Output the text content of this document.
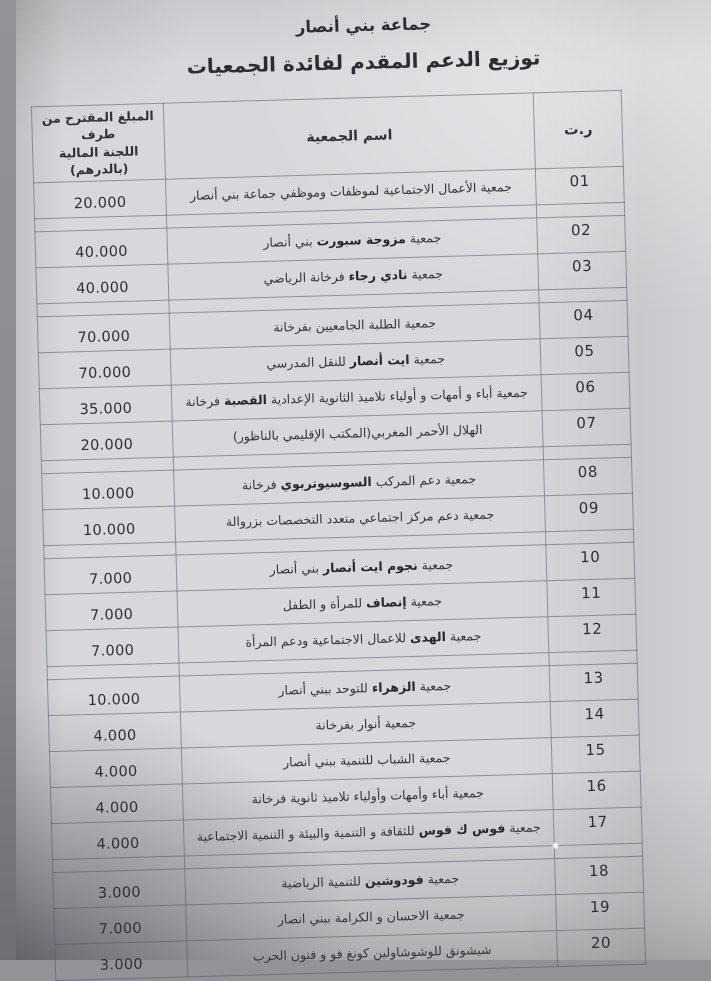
جماعة بني أنصار
توزيع الدعم المقدم لفائدة الجمعيات
ر.ت	اسم الجمعية	المبلغ المقترح من طرف
اللجنة المالية
(بالدرهم)

01	جمعية الأعمال الاجتماعية لموظفات وموظفي جماعة بني أنصار	20.000

02	جمعية مزوجة سبورت بني أنصار	40.000
03	جمعية نادي رجاء فرخانة الرياضي	40.000

04	جمعية الطلبة الجامعيين بفرخانة	70.000
05	جمعية ايت أنصار للنقل المدرسي	70.000
06	جمعية أباء و أمهات و أولياء تلاميذ الثانوية الإعدادية القصبة فرخانة	35.000
07	الهلال الأحمر المغربي(المكتب الإقليمي بالناظور)	20.000

08	جمعية دعم المركب السوسيوتربوي فرخانة	10.000
09	جمعية دعم مركز اجتماعي متعدد التخصصات بزروالة	10.000

10	جمعية نجوم ايت أنصار بني أنصار	7.000
11	جمعية إنصاف للمرأة و الطفل	7.000
12	جمعية الهدى للاعمال الاجتماعية ودعم المرأة	7.000

13	جمعية الزهراء للتوحد ببني أنصار	10.000
14	جمعية أنوار بفرخانة	4.000
15	جمعية الشباب للتنمية ببني أنصار	4.000
16	جمعية أباء وأمهات وأولياء تلاميذ ثانوية فرخانة	4.000
17	جمعية فوس ك فوس للثقافة و التنمية والبيئة و التنمية الاجتماعية	4.000

18	جمعية فودوشين للتنمية الرياضية	3.000
19	جمعية الاحسان و الكرامة ببني انصار	7.000
20	شيشونق للوشوشاولين كونغ فو و فنون الحرب	3.000
